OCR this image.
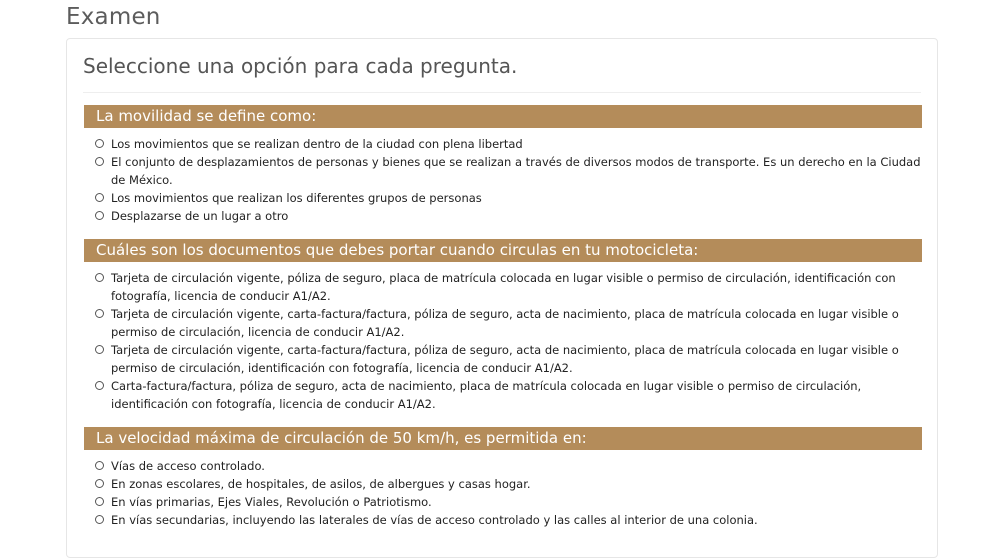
Examen
Seleccione una opción para cada pregunta.
La movilidad se define como:
Los movimientos que se realizan dentro de la ciudad con plena libertad
El conjunto de desplazamientos de personas y bienes que se realizan a través de diversos modos de transporte. Es un derecho en la Ciudad de México.
Los movimientos que realizan los diferentes grupos de personas
Desplazarse de un lugar a otro
Cuáles son los documentos que debes portar cuando circulas en tu motocicleta:
Tarjeta de circulación vigente, póliza de seguro, placa de matrícula colocada en lugar visible o permiso de circulación, identificación con fotografía, licencia de conducir A1/A2.
Tarjeta de circulación vigente, carta-factura/factura, póliza de seguro, acta de nacimiento, placa de matrícula colocada en lugar visible o permiso de circulación, licencia de conducir A1/A2.
Tarjeta de circulación vigente, carta-factura/factura, póliza de seguro, acta de nacimiento, placa de matrícula colocada en lugar visible o permiso de circulación, identificación con fotografía, licencia de conducir A1/A2.
Carta-factura/factura, póliza de seguro, acta de nacimiento, placa de matrícula colocada en lugar visible o permiso de circulación, identificación con fotografía, licencia de conducir A1/A2.
La velocidad máxima de circulación de 50 km/h, es permitida en:
Vías de acceso controlado.
En zonas escolares, de hospitales, de asilos, de albergues y casas hogar.
En vías primarias, Ejes Viales, Revolución o Patriotismo.
En vías secundarias, incluyendo las laterales de vías de acceso controlado y las calles al interior de una colonia.
